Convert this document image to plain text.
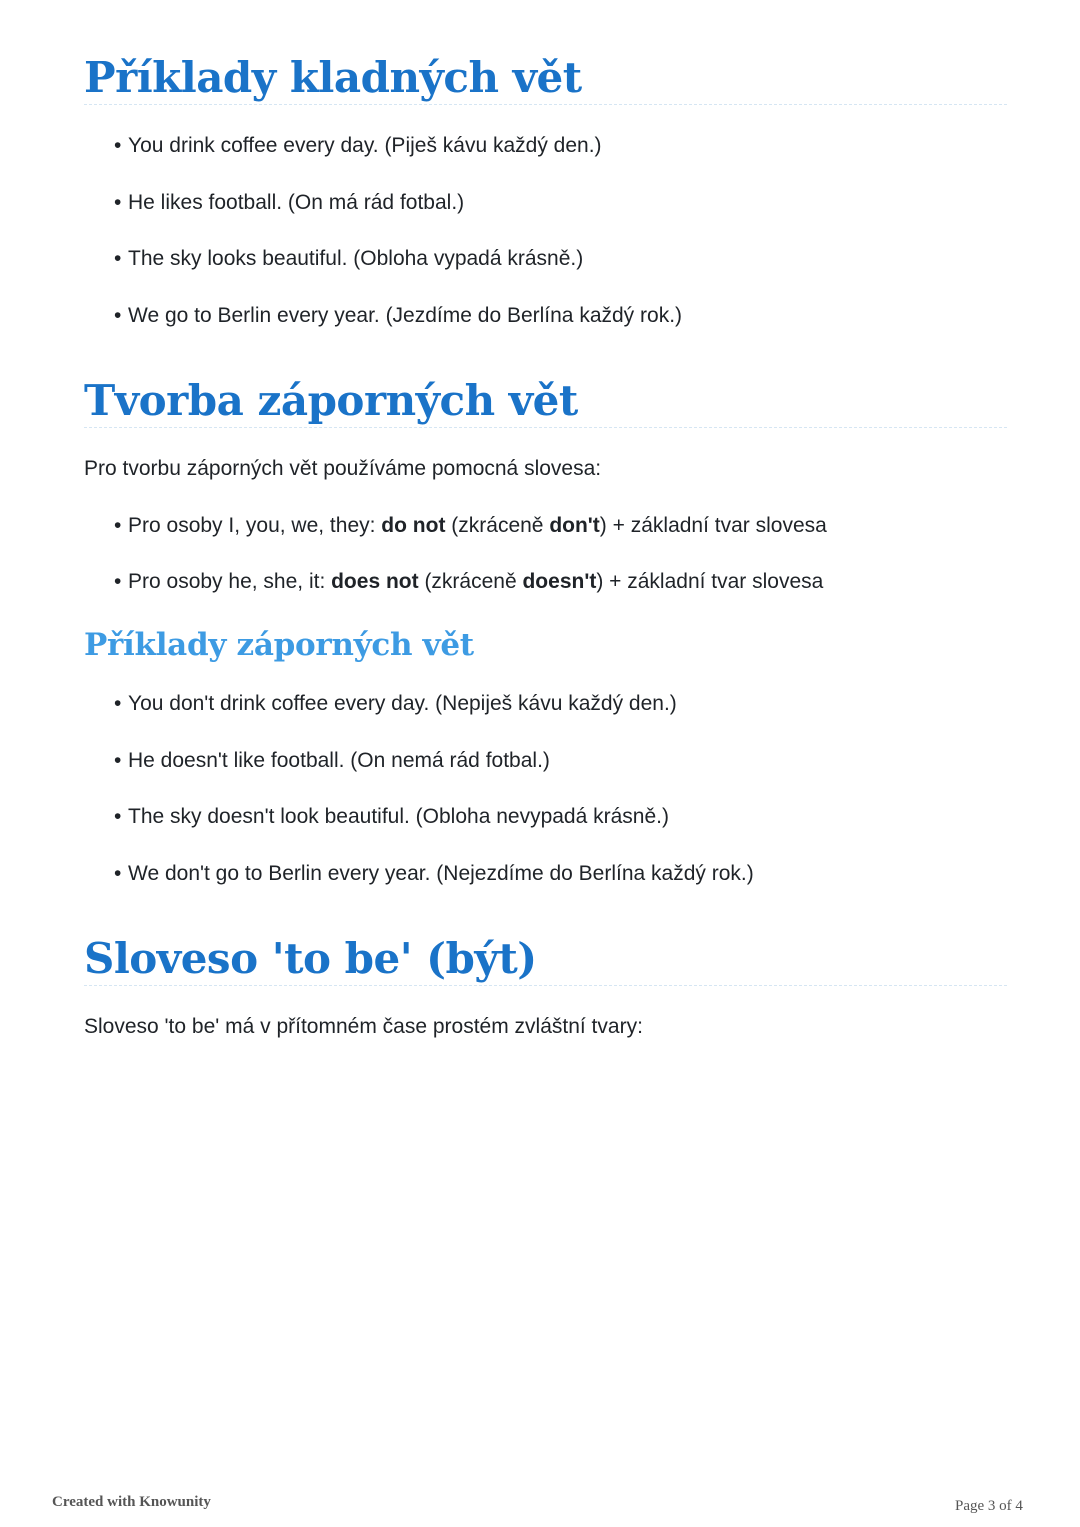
Příklady kladných vět
• You drink coffee every day. (Piješ kávu každý den.)
• He likes football. (On má rád fotbal.)
• The sky looks beautiful. (Obloha vypadá krásně.)
• We go to Berlin every year. (Jezdíme do Berlína každý rok.)
Tvorba záporných vět

Pro tvorbu záporných vět používáme pomocná slovesa:

• Pro osoby I, you, we, they: do not (zkráceně don't) + základní tvar slovesa
• Pro osoby he, she, it: does not (zkráceně doesn't) + základní tvar slovesa
Příklady záporných vět
• You don't drink coffee every day. (Nepiješ kávu každý den.)
• He doesn't like football. (On nemá rád fotbal.)
• The sky doesn't look beautiful. (Obloha nevypadá krásně.)
• We don't go to Berlin every year. (Nejezdíme do Berlína každý rok.)
Sloveso 'to be' (být)

Sloveso 'to be' má v přítomném čase prostém zvláštní tvary:

Created with Knowunity	Page 3 of 4
